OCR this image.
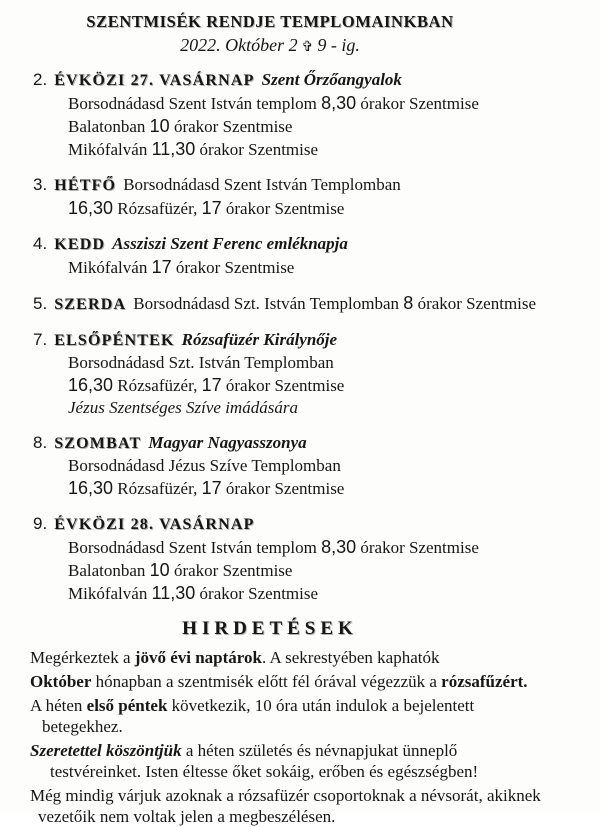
SZENTMISÉK RENDJE TEMPLOMAINKBAN
2022. Október 2 ✞ 9 - ig.
2. ÉVKÖZI 27. VASÁRNAP Szent Őrzőangyalok
Borsodnádasd Szent István templom 8,30 órakor Szentmise
Balatonban 10 órakor Szentmise
Mikófalván 11,30 órakor Szentmise
3. HÉTFŐ Borsodnádasd Szent István Templomban
16,30 Rózsafüzér, 17 órakor Szentmise
4. KEDD Assziszi Szent Ferenc emléknapja
Mikófalván 17 órakor Szentmise
5. SZERDA Borsodnádasd Szt. István Templomban 8 órakor Szentmise
7. ELSŐPÉNTEK Rózsafüzér Királynője
Borsodnádasd Szt. István Templomban
16,30 Rózsafüzér, 17 órakor Szentmise
Jézus Szentséges Szíve imádására
8. SZOMBAT Magyar Nagyasszonya
Borsodnádasd Jézus Szíve Templomban
16,30 Rózsafüzér, 17 órakor Szentmise
9. ÉVKÖZI 28. VASÁRNAP
Borsodnádasd Szent István templom 8,30 órakor Szentmise
Balatonban 10 órakor Szentmise
Mikófalván 11,30 órakor Szentmise
HIRDETÉSEK
Megérkeztek a jövő évi naptárok. A sekrestyében kaphatók
Október hónapban a szentmisék előtt fél órával végezzük a rózsafűzért.
A héten első péntek következik, 10 óra után indulok a bejelentett
betegekhez.
Szeretettel köszöntjük a héten születés és névnapjukat ünneplő
testvéreinket. Isten éltesse őket sokáig, erőben és egészségben!
Még mindig várjuk azoknak a rózsafüzér csoportoknak a névsorát, akiknek
vezetőik nem voltak jelen a megbeszélésen.
